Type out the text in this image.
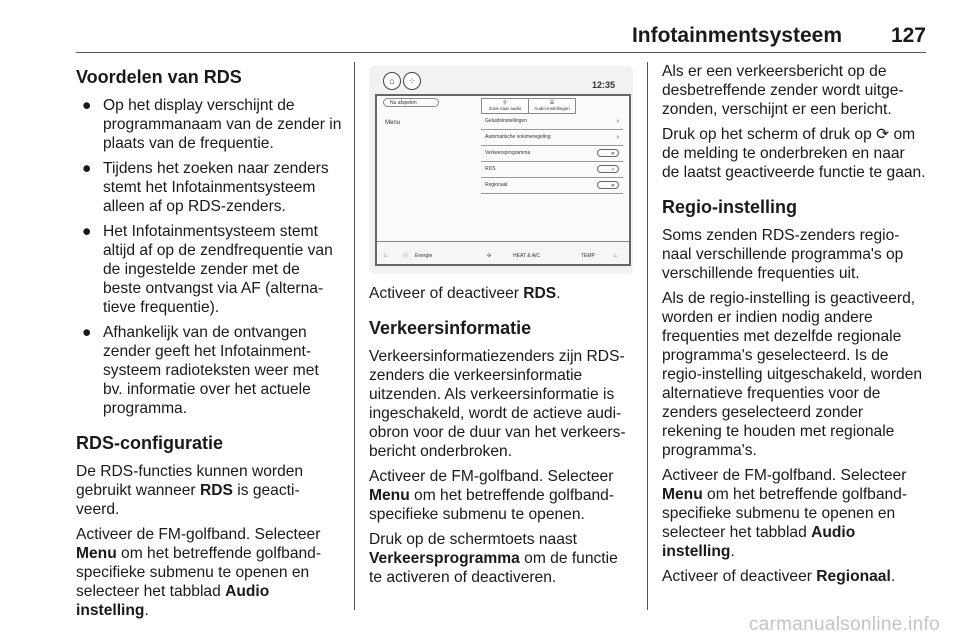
Infotainmentsysteem 127
Voordelen van RDS
● Op het display verschijnt de programmanaam van de zender in plaats van de frequentie.
● Tijdens het zoeken naar zenders stemt het Infotainmentsysteem alleen af op RDS-zenders.
● Het Infotainmentsysteem stemt altijd af op de zendfrequentie van de ingestelde zender met de beste ontvangst via AF (alterna-tieve frequentie).
● Afhankelijk van de ontvangen zender geeft het Infotainment-systeem radioteksten weer met bv. informatie over het actuele programma.
RDS-configuratie

De RDS-functies kunnen worden gebruikt wanneer RDS is geacti-veerd.

Activeer de FM-golfband. Selecteer Menu om het betreffende golfband-specifieke submenu te openen en selecteer het tabblad Audio instelling.

⌂	⁘	12:35
Nu afspelen
Menu
⚲
Zoek naar audio
☰
Audio-instellingen
Geluidsinstellingen	›
Automatische volumeregeling	›
Verkeersprogramma	✕
RDS	✓
Regionaal	✕
♨	ⓘ Energie	✣	HEAT & A/C	TEMP	♨

Activeer of deactiveer RDS.

Verkeersinformatie

Verkeersinformatiezenders zijn RDS-zenders die verkeersinformatie uitzenden. Als verkeersinformatie is ingeschakeld, wordt de actieve audi-obron voor de duur van het verkeers-bericht onderbroken.

Activeer de FM-golfband. Selecteer Menu om het betreffende golfband-specifieke submenu te openen.

Druk op de schermtoets naast Verkeersprogramma om de functie te activeren of deactiveren.

Als er een verkeersbericht op de desbetreffende zender wordt uitge-zonden, verschijnt er een bericht.

Druk op het scherm of druk op ⟳ om de melding te onderbreken en naar de laatst geactiveerde functie te gaan.

Regio-instelling

Soms zenden RDS-zenders regio-naal verschillende programma's op verschillende frequenties uit.

Als de regio-instelling is geactiveerd, worden er indien nodig andere frequenties met dezelfde regionale programma's geselecteerd. Is de regio-instelling uitgeschakeld, worden alternatieve frequenties voor de zenders geselecteerd zonder rekening te houden met regionale programma's.

Activeer de FM-golfband. Selecteer Menu om het betreffende golfband-specifieke submenu te openen en selecteer het tabblad Audio instelling.

Activeer of deactiveer Regionaal.

carmanualsonline.info
